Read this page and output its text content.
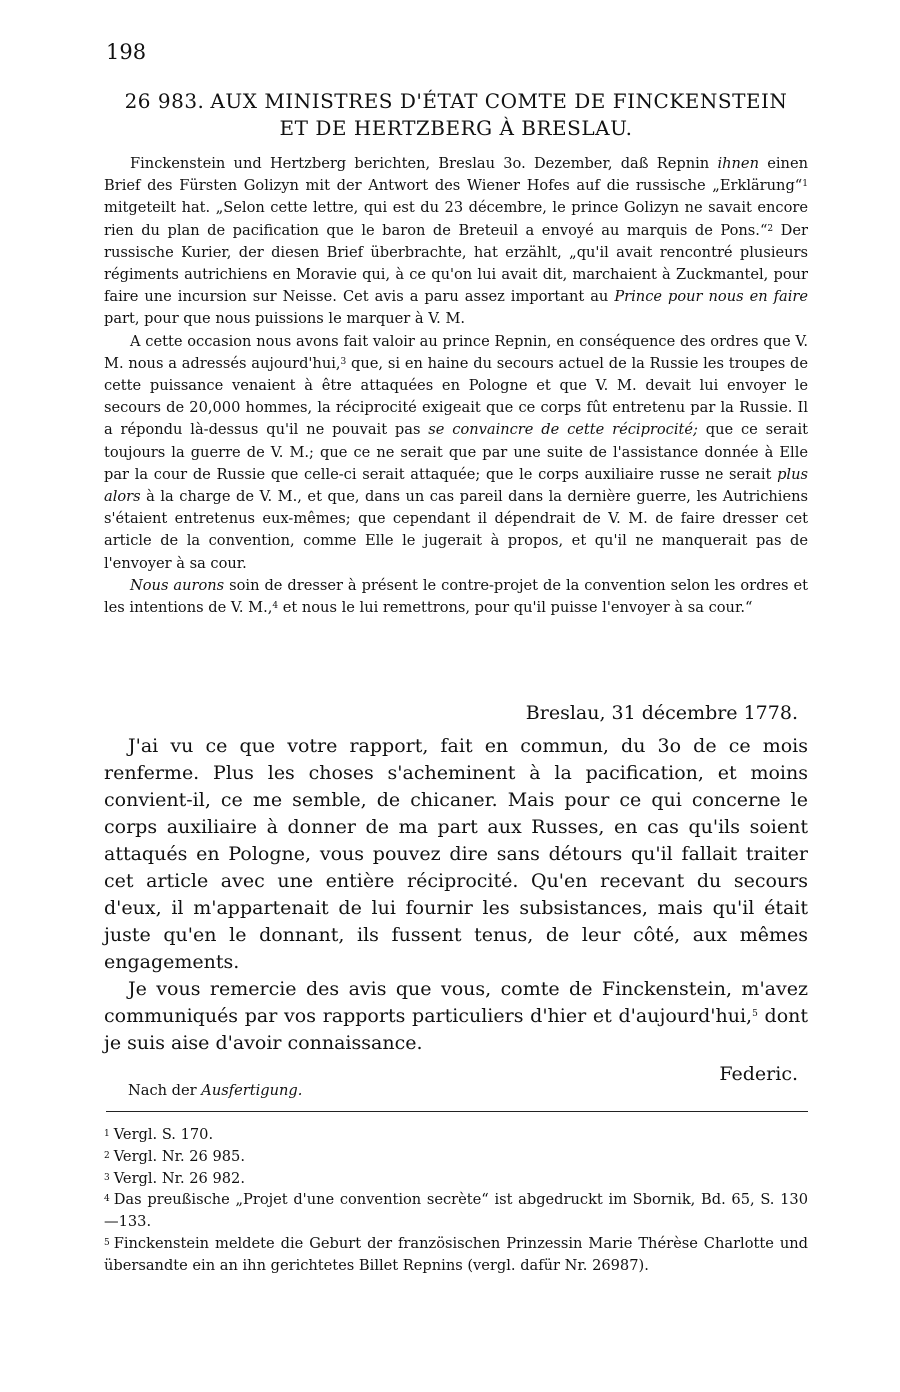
198
26 983. AUX MINISTRES D'ÉTAT COMTE DE FINCKENSTEIN
ET DE HERTZBERG À BRESLAU.

Finckenstein und Hertzberg berichten, Breslau 3o. Dezember, daß Repnin ihnen einen Brief des Fürsten Golizyn mit der Antwort des Wiener Hofes auf die russische „Erklärung“$^1$ mitgeteilt hat. „Selon cette lettre, qui est du 23 décembre, le prince Golizyn ne savait encore rien du plan de pacification que le baron de Breteuil a envoyé au marquis de Pons.“$^2$ Der russische Kurier, der diesen Brief überbrachte, hat erzählt, „qu'il avait rencontré plusieurs régiments autrichiens en Moravie qui, à ce qu'on lui avait dit, marchaient à Zuckmantel, pour faire une incursion sur Neisse. Cet avis a paru assez important au Prince pour nous en faire part, pour que nous puissions le marquer à V. M.

A cette occasion nous avons fait valoir au prince Repnin, en conséquence des ordres que V. M. nous a adressés aujourd'hui,$^3$ que, si en haine du secours actuel de la Russie les troupes de cette puissance venaient à être attaquées en Pologne et que V. M. devait lui envoyer le secours de 20,000 hommes, la réciprocité exigeait que ce corps fût entretenu par la Russie. Il a répondu là-dessus qu'il ne pouvait pas se convaincre de cette réciprocité; que ce serait toujours la guerre de V. M.; que ce ne serait que par une suite de l'assistance donnée à Elle par la cour de Russie que celle-ci serait attaquée; que le corps auxiliaire russe ne serait plus alors à la charge de V. M., et que, dans un cas pareil dans la dernière guerre, les Autrichiens s'étaient entretenus eux-mêmes; que cependant il dépendrait de V. M. de faire dresser cet article de la convention, comme Elle le jugerait à propos, et qu'il ne manquerait pas de l'envoyer à sa cour.

Nous aurons soin de dresser à présent le contre-projet de la convention selon les ordres et les intentions de V. M.,$^4$ et nous le lui remettrons, pour qu'il puisse l'envoyer à sa cour.“

Breslau, 31 décembre 1778.

J'ai vu ce que votre rapport, fait en commun, du 3o de ce mois renferme. Plus les choses s'acheminent à la pacification, et moins convient-il, ce me semble, de chicaner. Mais pour ce qui concerne le corps auxiliaire à donner de ma part aux Russes, en cas qu'ils soient attaqués en Pologne, vous pouvez dire sans détours qu'il fallait traiter cet article avec une entière réciprocité. Qu'en recevant du secours d'eux, il m'appartenait de lui fournir les subsistances, mais qu'il était juste qu'en le donnant, ils fussent tenus, de leur côté, aux mêmes engagements.

Je vous remercie des avis que vous, comte de Finckenstein, m'avez communiqués par vos rapports particuliers d'hier et d'aujourd'hui,$^5$ dont je suis aise d'avoir connaissance.

Federic.
Nach der Ausfertigung.

$^1$ Vergl. S. 170.

$^2$ Vergl. Nr. 26 985.

$^3$ Vergl. Nr. 26 982.

$^4$ Das preußische „Projet d'une convention secrète“ ist abgedruckt im Sbornik, Bd. 65, S. 130—133.

$^5$ Finckenstein meldete die Geburt der französischen Prinzessin Marie Thérèse Charlotte und übersandte ein an ihn gerichtetes Billet Repnins (vergl. dafür Nr. 26987).
